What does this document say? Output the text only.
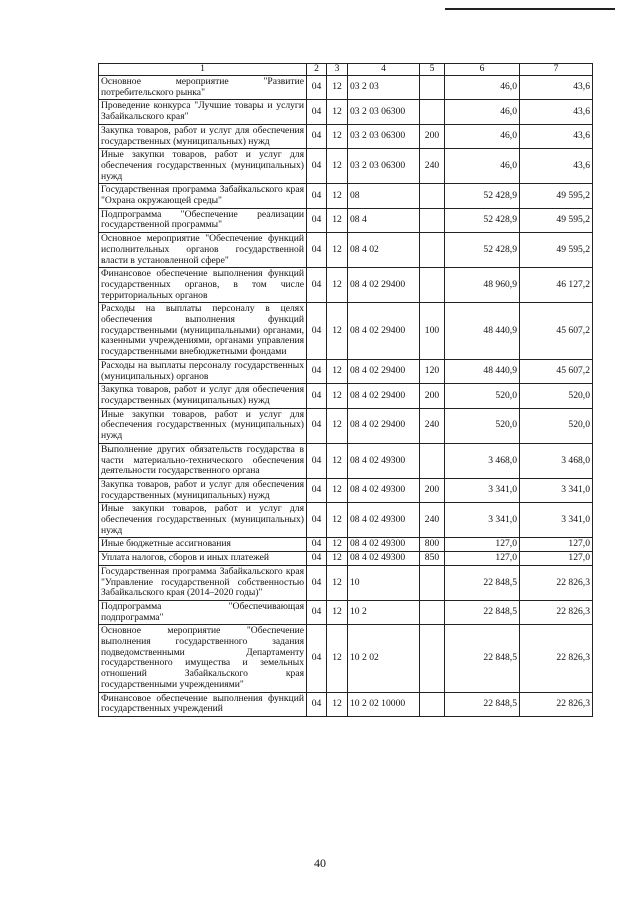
1	2	3	4	5	6	7
Основное мероприятие "Развитие потребительского рынка"	04	12	03 2 03		46,0	43,6
Проведение конкурса "Лучшие товары и услуги Забайкальского края"	04	12	03 2 03 06300		46,0	43,6
Закупка товаров, работ и услуг для обеспечения государственных (муниципальных) нужд	04	12	03 2 03 06300	200	46,0	43,6
Иные закупки товаров, работ и услуг для обеспечения государственных (муниципальных) нужд	04	12	03 2 03 06300	240	46,0	43,6
Государственная программа Забайкальского края "Охрана окружающей среды"	04	12	08		52 428,9	49 595,2
Подпрограмма "Обеспечение реализации государственной программы"	04	12	08 4		52 428,9	49 595,2
Основное мероприятие "Обеспечение функций исполнительных органов государственной власти в установленной сфере"	04	12	08 4 02		52 428,9	49 595,2
Финансовое обеспечение выполнения функций государственных органов, в том числе территориальных органов	04	12	08 4 02 29400		48 960,9	46 127,2
Расходы на выплаты персоналу в целях обеспечения выполнения функций государственными (муниципальными) органами, казенными учреждениями, органами управления государственными внебюджетными фондами	04	12	08 4 02 29400	100	48 440,9	45 607,2
Расходы на выплаты персоналу государственных (муниципальных) органов	04	12	08 4 02 29400	120	48 440,9	45 607,2
Закупка товаров, работ и услуг для обеспечения государственных (муниципальных) нужд	04	12	08 4 02 29400	200	520,0	520,0
Иные закупки товаров, работ и услуг для обеспечения государственных (муниципальных) нужд	04	12	08 4 02 29400	240	520,0	520,0
Выполнение других обязательств государства в части материально-технического обеспечения деятельности государственного органа	04	12	08 4 02 49300		3 468,0	3 468,0
Закупка товаров, работ и услуг для обеспечения государственных (муниципальных) нужд	04	12	08 4 02 49300	200	3 341,0	3 341,0
Иные закупки товаров, работ и услуг для обеспечения государственных (муниципальных) нужд	04	12	08 4 02 49300	240	3 341,0	3 341,0
Иные бюджетные ассигнования	04	12	08 4 02 49300	800	127,0	127,0
Уплата налогов, сборов и иных платежей	04	12	08 4 02 49300	850	127,0	127,0
Государственная программа Забайкальского края "Управление государственной собственностью Забайкальского края (2014–2020 годы)"	04	12	10		22 848,5	22 826,3
Подпрограмма "Обеспечивающая подпрограмма"	04	12	10 2		22 848,5	22 826,3
Основное мероприятие "Обеспечение выполнения государственного задания подведомственными Департаменту государственного имущества и земельных отношений Забайкальского края государственными учреждениями"	04	12	10 2 02		22 848,5	22 826,3
Финансовое обеспечение выполнения функций государственных учреждений	04	12	10 2 02 10000		22 848,5	22 826,3
40
